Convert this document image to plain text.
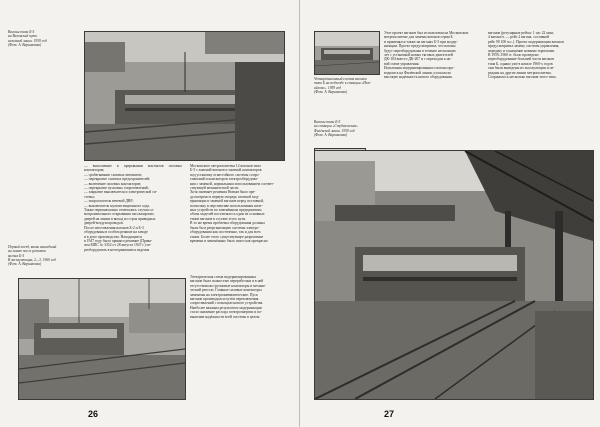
Вагоны типа Б-5
на Виловский пути
наземной линии. 1959 год
(Фот. А. Варнаковка)
— выполнение в прерывании контактов силовых контакторов;
— срабатывание силовых автоматов;
— перекрытие силовых предохранителей;
— включение силовых контакторов;
— перекрытие пусковых сопротивлений;
— закрытие выключателя и электрической си-
стемы;
— искрогаситель вечевой ДВР;
— выключатель мультисекционного хода.
Также первоначально отмечались случаи са-
мопроизвольного открывания пассажирских
дверей на линии и выход из строя приводных
дверей-воздухопроводов.
После изготовления вагонов Б-2 и Б-3
оборудованы в особом режиме на заводе
и в депо производства. Находящиеся
в 1947 году было принято решение (Прика-
зом МПС № 3352 от 28 августа 1947 г.) пе-
реоборудовать в неоторвавшиеся изделия
Московского метрополитена 12 вагонов типа
Б-5 с заменой вагонов и заменой контакторов
под установку огнестойкого системы сопро-
тивлений и контакторов электрооборудова-
ния с заменой, нормальным использованием соответ-
ствующей механической части.
Хотя заменяет решения Новым было пре-
дусмотрено в первую очередь штатной мод-
ернизации и заменой вагонов перед поставкой,
поскольку в перспективе использования штат-
ных устройств по заменённым предприятиям
обоих моделей поставлялось один из основных
типов вагонов в составе этого пути.
В то же время проблемы оборудования должны
были бы в реорганизацию системы электро-
оборудования как постепенно, так и для всех
типов. Более этого существующее разрешение
времени и заменённых было снято как прекрасно
Первый поезд, вновь вышедший
на линию после ремонта
вагона Б-5
В эксплуатации, 2—3. 1960 год
(Фот. А. Варнаковка)
Электрическая схема модернизированных
вагонов была полностью переработана и в ней
отсутствовали групповые контакторы и механи-
ческий реостат. Главные силовые контакторы
заменены на электропневматические. Пуск
вагонов производился путём переключения
сопротивлений с помощью нового устройства.
Наиболее важным результатом модернизации
стало снижение расхода электроэнергии и по-
вышение надёжности всей системы в целом.
26
Четырёхвагонный состав вагонов
типа Б на подъезде к станции «Изм-
айлово». 1959 год
(Фот. А. Варнаковка)
Этот проект вагонов был использован на Московском
метрополитене для замены вагонов серии Б
и применялся также на вагонах Б-5 при модер-
низации. Проект предусматривал, что вагоны
будут переоборудованы в течение нескольких
лет с установкой новых тяговых двигателей
ДК-104 вместо ДК-207 и с переходом к но-
вой схеме управления.
Испытания модернизированного вагона про-
водились на Филёвской линии, и показали
высокую надёжность нового оборудования.
вагонов (регулярные рейсы: 1 час 22 мин;
4 вагона/ч. — рейс 2 вагона, составной
рейс 90 100 м.с.). Проект модернизации вагонов
предусматривал замену системы управления,
передачу и оснащение новыми тормозами.
В 1959–1960 гг. было проведено
переоборудование большей части вагонов
типа Б, однако уже в начале 1960-х годов
они были выведены из эксплуатации и пе-
реданы на другие линии метрополитена.
Сохранилось несколько вагонов этого типа.
Вагоны типа Б-5
на станции «Студенческая»
Филёвской линии. 1959 год
(Фот. А. Варнаковка)
27
